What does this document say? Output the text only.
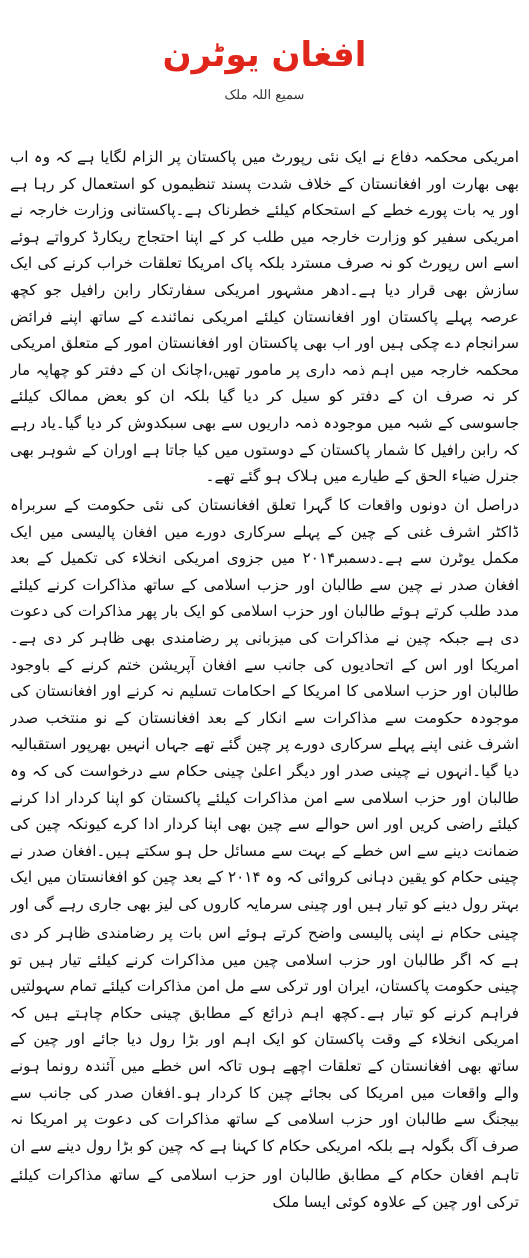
افغان یوٹرن
سمیع اللہ ملک

امریکی محکمہ دفاع نے ایک نئی رپورٹ میں پاکستان پر الزام لگایا ہے کہ وہ اب بھی بھارت اور افغانستان کے خلاف شدت پسند تنظیموں کو استعمال کر رہا ہے اور یہ بات پورے خطے کے استحکام کیلئے خطرناک ہے۔پاکستانی وزارت خارجہ نے امریکی سفیر کو وزارت خارجہ میں طلب کر کے اپنا احتجاج ریکارڈ کرواتے ہوئے اسے اس رپورٹ کو نہ صرف مسترد بلکہ پاک امریکا تعلقات خراب کرنے کی ایک سازش بھی قرار دیا ہے۔ادھر مشہور امریکی سفارتکار رابن رافیل جو کچھ عرصہ پہلے پاکستان اور افغانستان کیلئے امریکی نمائندے کے ساتھ اپنے فرائض سرانجام دے چکی ہیں اور اب بھی پاکستان اور افغانستان امور کے متعلق امریکی محکمہ خارجہ میں اہم ذمہ داری پر مامور تھیں،اچانک ان کے دفتر کو چھاپہ مار کر نہ صرف ان کے دفتر کو سیل کر دیا گیا بلکہ ان کو بعض ممالک کیلئے جاسوسی کے شبہ میں موجودہ ذمہ داریوں سے بھی سبکدوش کر دیا گیا۔یاد رہے کہ رابن رافیل کا شمار پاکستان کے دوستوں میں کیا جاتا ہے اوران کے شوہر بھی جنرل ضیاء الحق کے طیارے میں ہلاک ہو گئے تھے۔

دراصل ان دونوں واقعات کا گہرا تعلق افغانستان کی نئی حکومت کے سربراہ ڈاکٹر اشرف غنی کے چین کے پہلے سرکاری دورے میں افغان پالیسی میں ایک مکمل یوٹرن سے ہے۔دسمبر۲۰۱۴ میں جزوی امریکی انخلاء کی تکمیل کے بعد افغان صدر نے چین سے طالبان اور حزب اسلامی کے ساتھ مذاکرات کرنے کیلئے مدد طلب کرتے ہوئے طالبان اور حزب اسلامی کو ایک بار پھر مذاکرات کی دعوت دی ہے جبکہ چین نے مذاکرات کی میزبانی پر رضامندی بھی ظاہر کر دی ہے۔امریکا اور اس کے اتحادیوں کی جانب سے افغان آپریشن ختم کرنے کے باوجود طالبان اور حزب اسلامی کا امریکا کے احکامات تسلیم نہ کرنے اور افغانستان کی موجودہ حکومت سے مذاکرات سے انکار کے بعد افغانستان کے نو منتخب صدر اشرف غنی اپنے پہلے سرکاری دورے پر چین گئے تھے جہاں انہیں بھرپور استقبالیہ دیا گیا۔انہوں نے چینی صدر اور دیگر اعلیٰ چینی حکام سے درخواست کی کہ وہ طالبان اور حزب اسلامی سے امن مذاکرات کیلئے پاکستان کو اپنا کردار ادا کرنے کیلئے راضی کریں اور اس حوالے سے چین بھی اپنا کردار ادا کرے کیونکہ چین کی ضمانت دینے سے اس خطے کے بہت سے مسائل حل ہو سکتے ہیں۔افغان صدر نے چینی حکام کو یقین دہانی کروائی کہ وہ ۲۰۱۴ کے بعد چین کو افغانستان میں ایک بہتر رول دینے کو تیار ہیں اور چینی سرمایہ کاروں کی لیز بھی جاری رہے گی اور

چینی حکام نے اپنی پالیسی واضح کرتے ہوئے اس بات پر رضامندی ظاہر کر دی ہے کہ اگر طالبان اور حزب اسلامی چین میں مذاکرات کرنے کیلئے تیار ہیں تو چینی حکومت پاکستان، ایران اور ترکی سے مل امن مذاکرات کیلئے تمام سہولتیں فراہم کرنے کو تیار ہے۔کچھ اہم ذرائع کے مطابق چینی حکام چاہتے ہیں کہ امریکی انخلاء کے وقت پاکستان کو ایک اہم اور بڑا رول دیا جائے اور چین کے ساتھ بھی افغانستان کے تعلقات اچھے ہوں تاکہ اس خطے میں آئندہ رونما ہونے والے واقعات میں امریکا کی بجائے چین کا کردار ہو۔افغان صدر کی جانب سے بیجنگ سے طالبان اور حزب اسلامی کے ساتھ مذاکرات کی دعوت پر امریکا نہ صرف آگ بگولہ ہے بلکہ امریکی حکام کا کہنا ہے کہ چین کو بڑا رول دینے سے ان

تاہم افغان حکام کے مطابق طالبان اور حزب اسلامی کے ساتھ مذاکرات کیلئے ترکی اور چین کے علاوہ کوئی ایسا ملک
